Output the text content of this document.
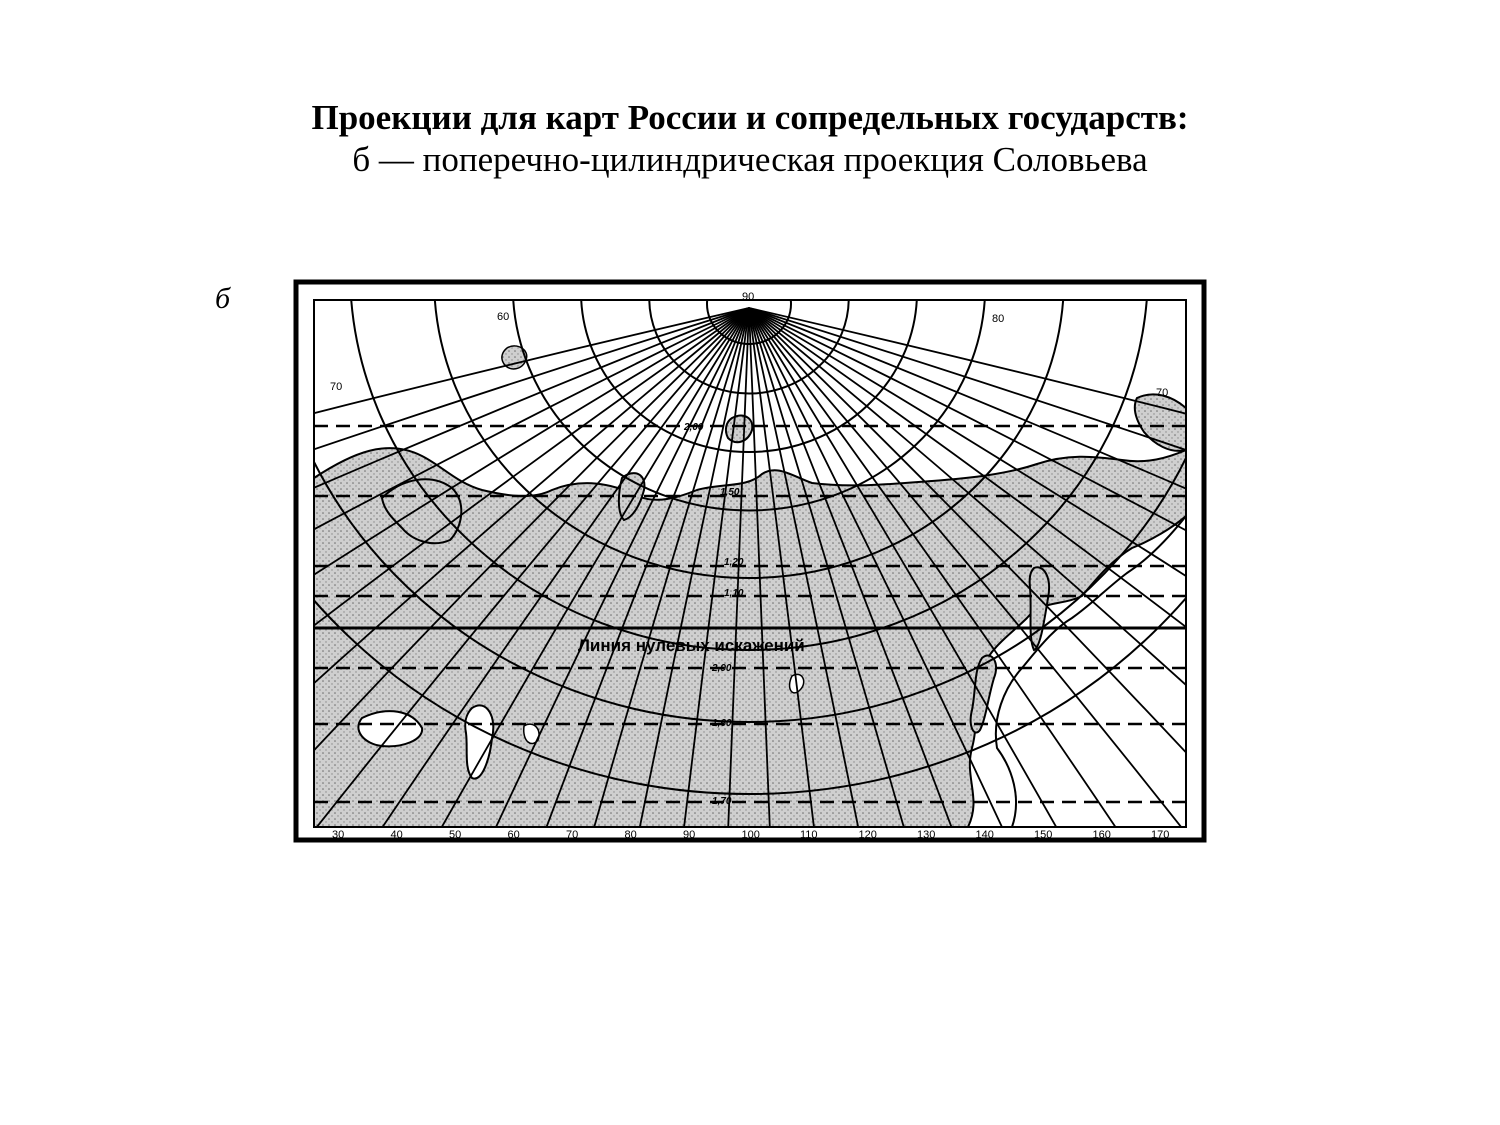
Проекции для карт России и сопредельных государств:
б — поперечно-цилиндрическая проекция Соловьева
б	90
60	80
70	70
Линия нулевых искажений
2,00
1,50
1,20
1,10
2,90
1,60
1,70
30	40	50	60	70	80	90	100	110	120	130	140	150	160	170
